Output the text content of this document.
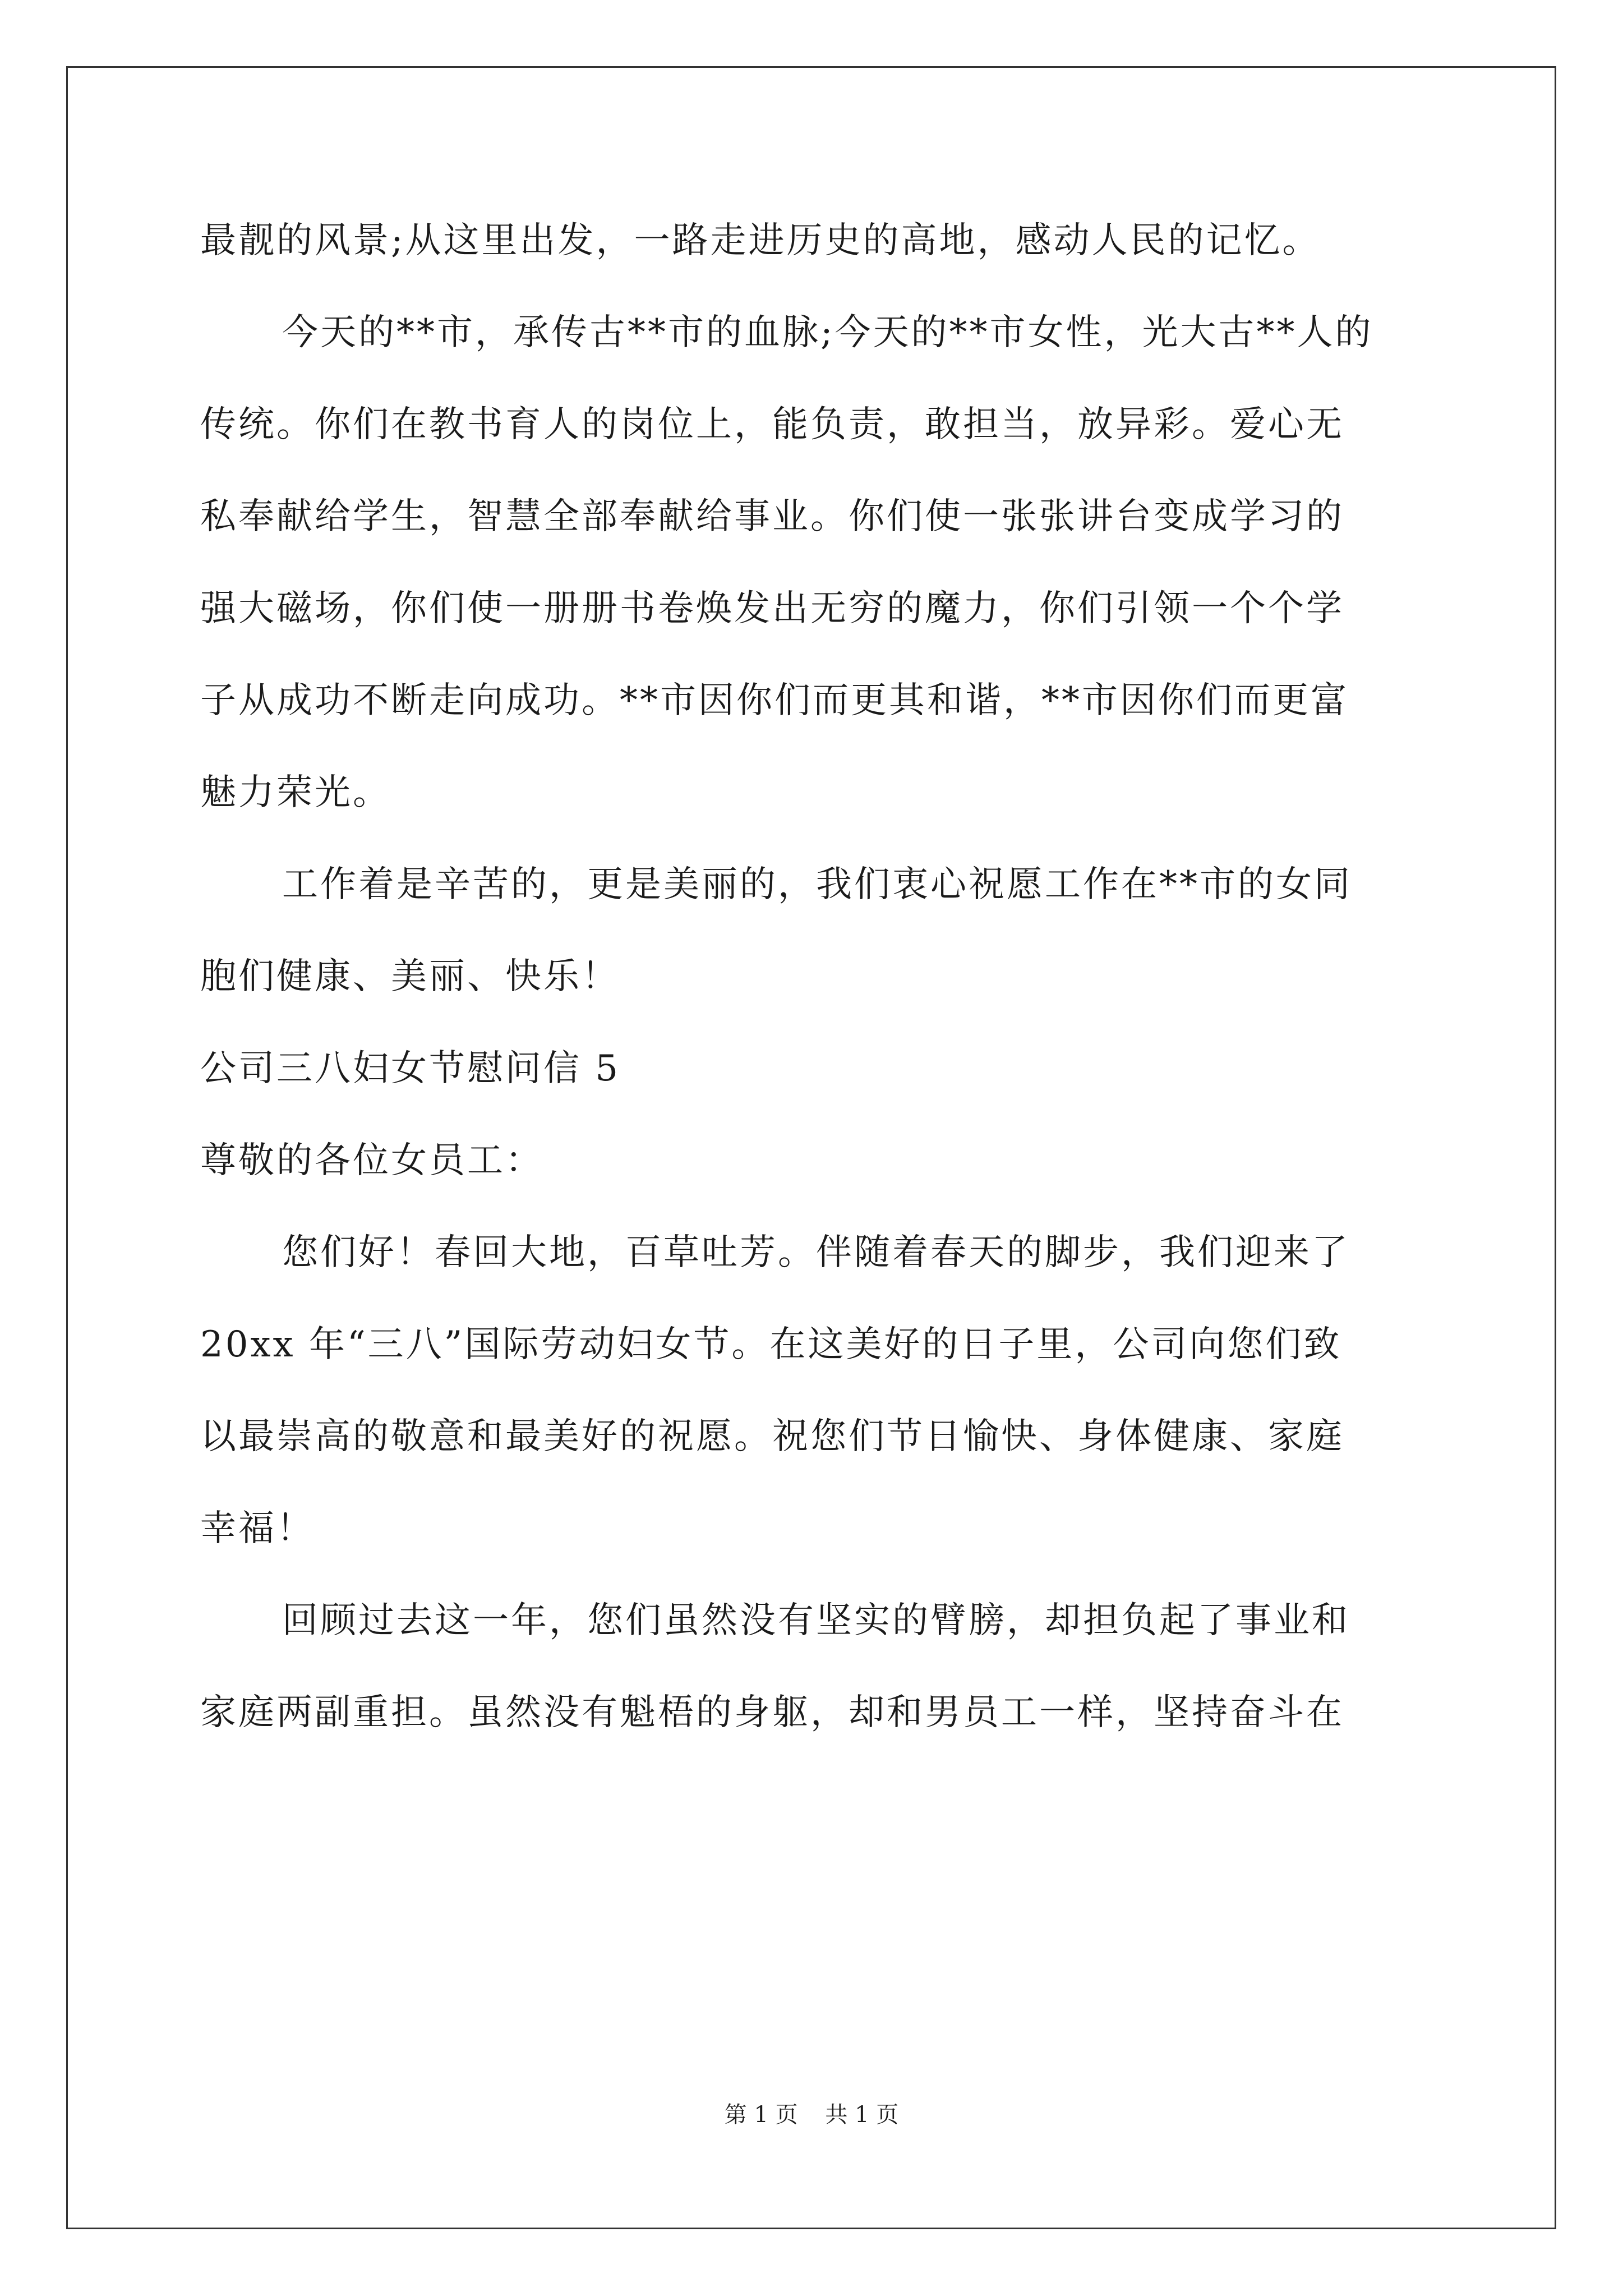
最靓的风景;从这里出发，一路走进历史的高地，感动人民的记忆。
今天的**市，承传古**市的血脉;今天的**市女性，光大古**人的
传统。你们在教书育人的岗位上，能负责，敢担当，放异彩。爱心无
私奉献给学生，智慧全部奉献给事业。你们使一张张讲台变成学习的
强大磁场，你们使一册册书卷焕发出无穷的魔力，你们引领一个个学
子从成功不断走向成功。**市因你们而更其和谐，**市因你们而更富
魅力荣光。
工作着是辛苦的，更是美丽的，我们衷心祝愿工作在**市的女同
胞们健康、美丽、快乐！
公司三八妇女节慰问信 5
尊敬的各位女员工：
您们好！春回大地，百草吐芳。伴随着春天的脚步，我们迎来了
20xx 年“三八”国际劳动妇女节。在这美好的日子里，公司向您们致
以最崇高的敬意和最美好的祝愿。祝您们节日愉快、身体健康、家庭
幸福！
回顾过去这一年，您们虽然没有坚实的臂膀，却担负起了事业和
家庭两副重担。虽然没有魁梧的身躯，却和男员工一样，坚持奋斗在
第 1 页 共 1 页
